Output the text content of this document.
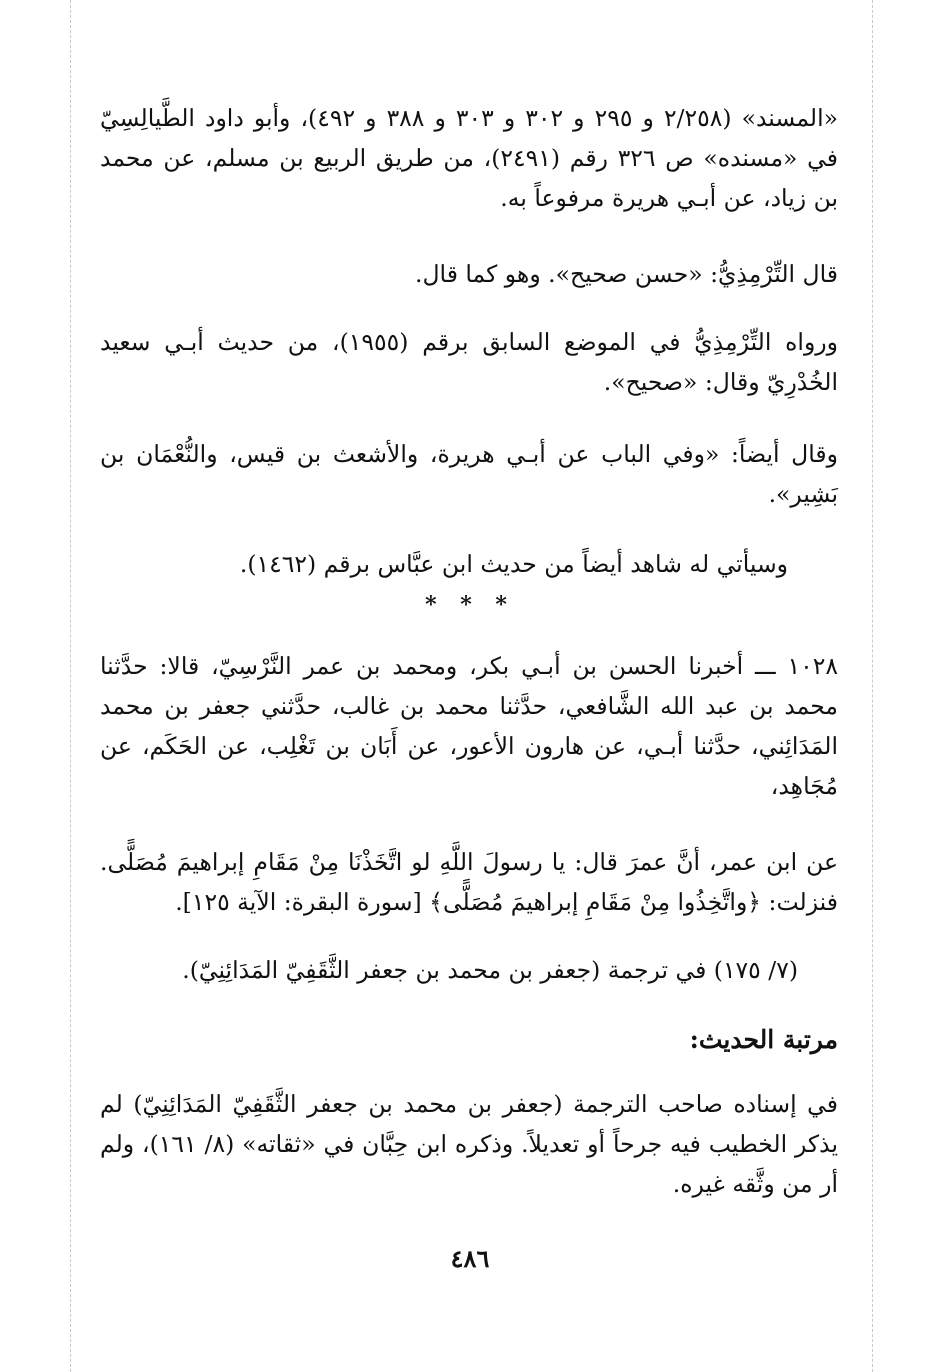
«المسند» (٢/٢٥٨ و ٢٩٥ و ٣٠٢ و ٣٠٣ و ٣٨٨ و ٤٩٢)، وأبو داود الطَّيالِسِيّ في «مسنده» ص ٣٢٦ رقم (٢٤٩١)، من طريق الربيع بن مسلم، عن محمد بن زياد، عن أبـي هريرة مرفوعاً به.
قال التِّرْمِذِيُّ: «حسن صحيح». وهو كما قال.
ورواه التِّرْمِذِيُّ في الموضع السابق برقم (١٩٥٥)، من حديث أبـي سعيد الخُدْرِيّ وقال: «صحيح».
وقال أيضاً: «وفي الباب عن أبـي هريرة، والأشعث بن قيس، والنُّعْمَان بن بَشِير».
وسيأتي له شاهد أيضاً من حديث ابن عبَّاس برقم (١٤٦٢).
* * *
١٠٢٨ ـــ أخبرنا الحسن بن أبـي بكر، ومحمد بن عمر النَّرْسِيّ، قالا: حدَّثنا محمد بن عبد الله الشَّافعي، حدَّثنا محمد بن غالب، حدَّثني جعفر بن محمد المَدَائِني، حدَّثنا أبـي، عن هارون الأعور، عن أَبَان بن تَغْلِب، عن الحَكَم، عن مُجَاهِد،
عن ابن عمر، أنَّ عمرَ قال: يا رسولَ اللَّهِ لو اتَّخَذْنَا مِنْ مَقَامِ إبراهيمَ مُصَلًّى. فنزلت: ﴿واتَّخِذُوا مِنْ مَقَامِ إبراهيمَ مُصَلًّى﴾ [سورة البقرة: الآية ١٢٥].
(٧/ ١٧٥) في ترجمة (جعفر بن محمد بن جعفر الثَّقَفِيّ المَدَائِنِيّ).
مرتبة الحديث:
في إسناده صاحب الترجمة (جعفر بن محمد بن جعفر الثَّقَفِيّ المَدَائِنِيّ) لم يذكر الخطيب فيه جرحاً أو تعديلاً. وذكره ابن حِبَّان في «ثقاته» (٨/ ١٦١)، ولم أر من وثَّقه غيره.
٤٨٦
